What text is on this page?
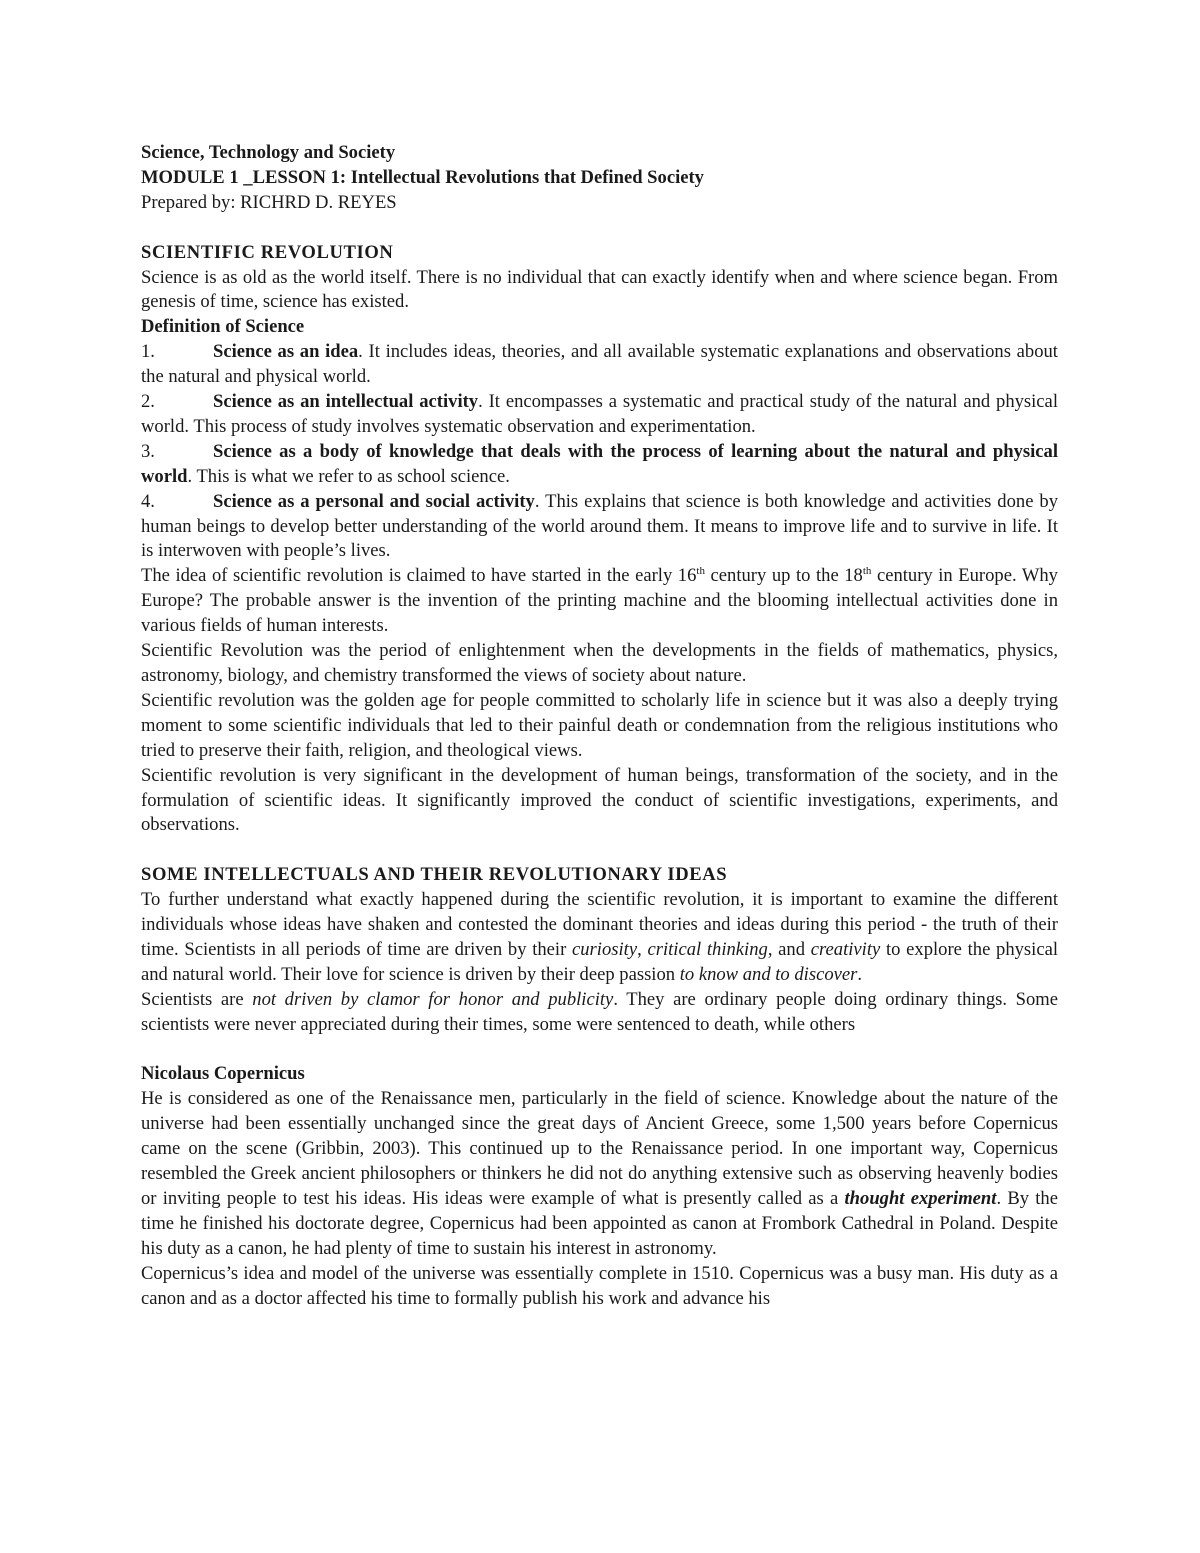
Science, Technology and Society

MODULE 1 _LESSON 1: Intellectual Revolutions that Defined Society

Prepared by: RICHRD D. REYES

SCIENTIFIC REVOLUTION

Science is as old as the world itself. There is no individual that can exactly identify when and where science began. From genesis of time, science has existed.

Definition of Science

1.	Science as an idea. It includes ideas, theories, and all available systematic explanations and observations about the natural and physical world.

2.	Science as an intellectual activity. It encompasses a systematic and practical study of the natural and physical world. This process of study involves systematic observation and experimentation.

3.	Science as a body of knowledge that deals with the process of learning about the natural and physical world. This is what we refer to as school science.

4.	Science as a personal and social activity. This explains that science is both knowledge and activities done by human beings to develop better understanding of the world around them. It means to improve life and to survive in life. It is interwoven with people’s lives.

The idea of scientific revolution is claimed to have started in the early 16th century up to the 18th century in Europe. Why Europe? The probable answer is the invention of the printing machine and the blooming intellectual activities done in various fields of human interests.

Scientific Revolution was the period of enlightenment when the developments in the fields of mathematics, physics, astronomy, biology, and chemistry transformed the views of society about nature.

Scientific revolution was the golden age for people committed to scholarly life in science but it was also a deeply trying moment to some scientific individuals that led to their painful death or condemnation from the religious institutions who tried to preserve their faith, religion, and theological views.

Scientific revolution is very significant in the development of human beings, transformation of the society, and in the formulation of scientific ideas. It significantly improved the conduct of scientific investigations, experiments, and observations.

SOME INTELLECTUALS AND THEIR REVOLUTIONARY IDEAS

To further understand what exactly happened during the scientific revolution, it is important to examine the different individuals whose ideas have shaken and contested the dominant theories and ideas during this period - the truth of their time. Scientists in all periods of time are driven by their curiosity, critical thinking, and creativity to explore the physical and natural world. Their love for science is driven by their deep passion to know and to discover.

Scientists are not driven by clamor for honor and publicity. They are ordinary people doing ordinary things. Some scientists were never appreciated during their times, some were sentenced to death, while others

Nicolaus Copernicus

He is considered as one of the Renaissance men, particularly in the field of science. Knowledge about the nature of the universe had been essentially unchanged since the great days of Ancient Greece, some 1,500 years before Copernicus came on the scene (Gribbin, 2003). This continued up to the Renaissance period. In one important way, Copernicus resembled the Greek ancient philosophers or thinkers he did not do anything extensive such as observing heavenly bodies or inviting people to test his ideas. His ideas were example of what is presently called as a thought experiment. By the time he finished his doctorate degree, Copernicus had been appointed as canon at Frombork Cathedral in Poland. Despite his duty as a canon, he had plenty of time to sustain his interest in astronomy.

Copernicus’s idea and model of the universe was essentially complete in 1510. Copernicus was a busy man. His duty as a canon and as a doctor affected his time to formally publish his work and advance his
